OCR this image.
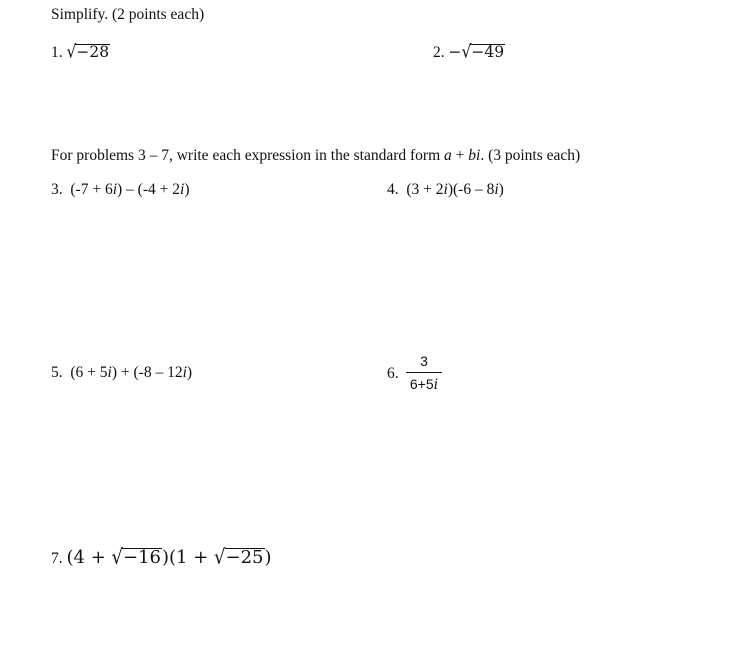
Simplify. (2 points each)
1. √−28	2. −√−49
For problems 3 – 7, write each expression in the standard form a + bi. (3 points each)
3. (-7 + 6i) – (-4 + 2i)	4. (3 + 2i)(-6 – 8i)
5. (6 + 5i) + (-8 – 12i)	6.
3
6+5i
7. (4 + √−16)(1 + √−25)
